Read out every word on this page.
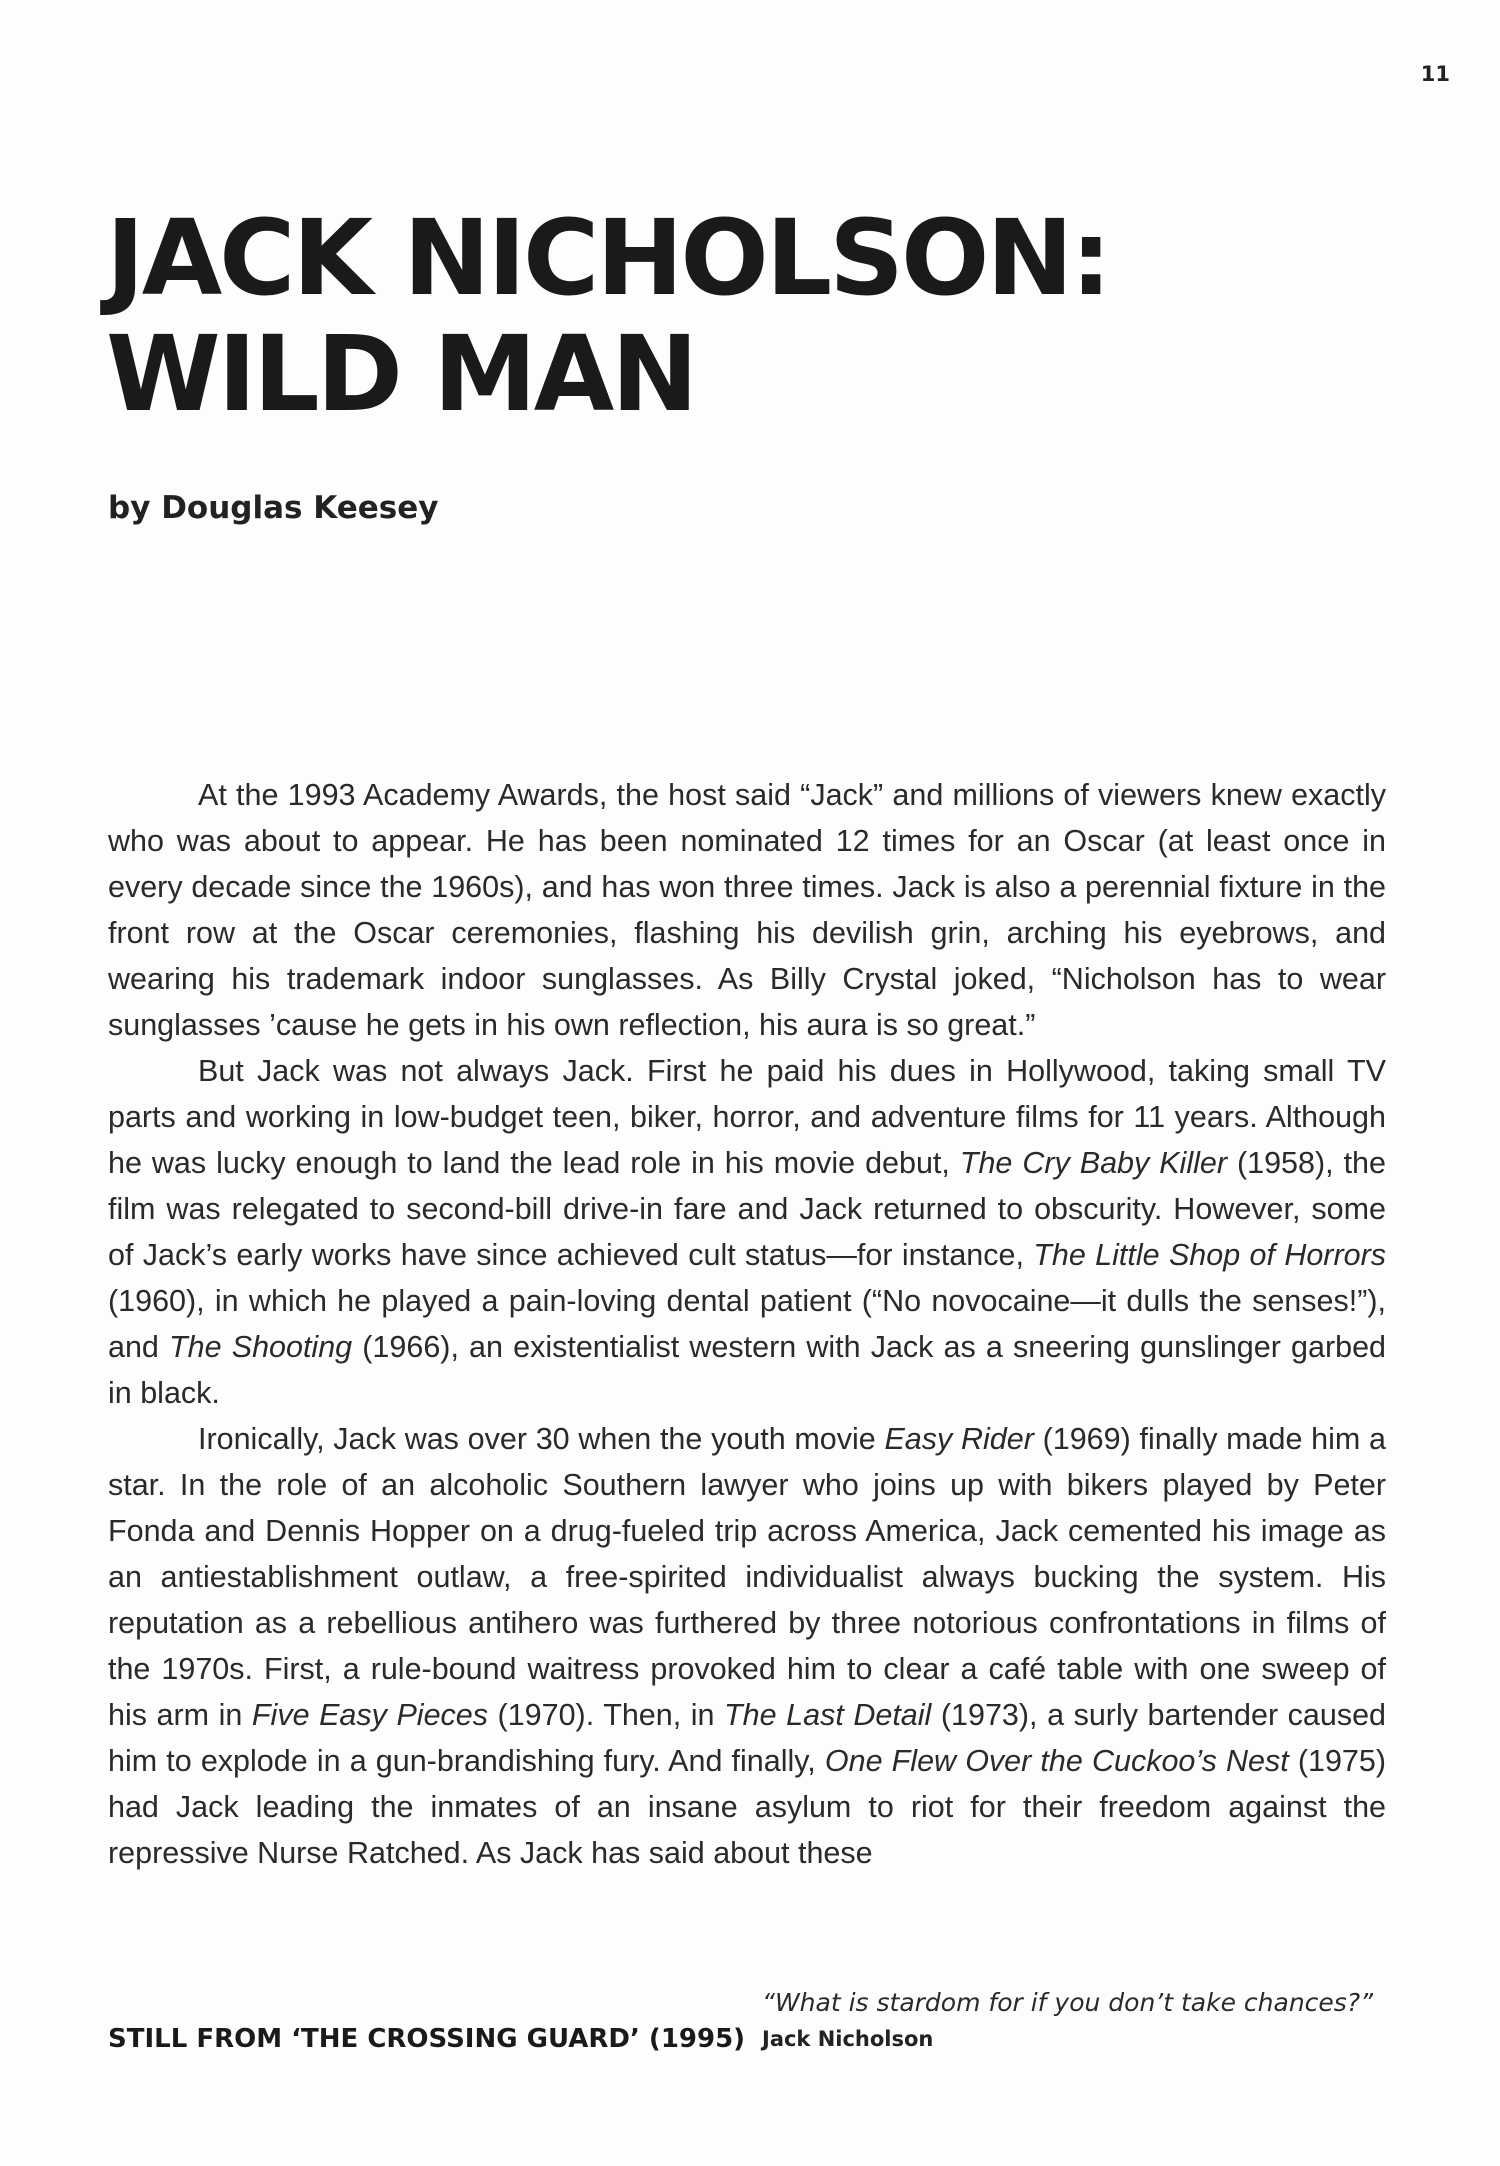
11
JACK NICHOLSON:
WILD MAN
by Douglas Keesey

At the 1993 Academy Awards, the host said “Jack” and millions of viewers knew exactly who was about to appear. He has been nominated 12 times for an Oscar (at least once in every decade since the 1960s), and has won three times. Jack is also a perennial fixture in the front row at the Oscar ceremonies, flashing his devilish grin, arching his eyebrows, and wearing his trademark indoor sunglasses. As Billy Crystal joked, “Nicholson has to wear sunglasses ’cause he gets in his own reflection, his aura is so great.”

But Jack was not always Jack. First he paid his dues in Hollywood, taking small TV parts and working in low-budget teen, biker, horror, and adventure films for 11 years. Although he was lucky enough to land the lead role in his movie debut, The Cry Baby Killer (1958), the film was relegated to second-bill drive-in fare and Jack returned to obscurity. However, some of Jack’s early works have since achieved cult status—for instance, The Little Shop of Horrors (1960), in which he played a pain-loving dental patient (“No novocaine—it dulls the senses!”), and The Shooting (1966), an existentialist western with Jack as a sneering gunslinger garbed in black.

Ironically, Jack was over 30 when the youth movie Easy Rider (1969) finally made him a star. In the role of an alcoholic Southern lawyer who joins up with bikers played by Peter Fonda and Dennis Hopper on a drug-fueled trip across America, Jack cemented his image as an antiestablishment outlaw, a free-spirited individualist always bucking the system. His reputation as a rebellious antihero was furthered by three notorious confrontations in films of the 1970s. First, a rule-bound waitress provoked him to clear a café table with one sweep of his arm in Five Easy Pieces (1970). Then, in The Last Detail (1973), a surly bartender caused him to explode in a gun-brandishing fury. And finally, One Flew Over the Cuckoo’s Nest (1975) had Jack leading the inmates of an insane asylum to riot for their freedom against the repressive Nurse Ratched. As Jack has said about these

STILL FROM ‘THE CROSSING GUARD’ (1995)
“What is stardom for if you don’t take chances?”
Jack Nicholson
